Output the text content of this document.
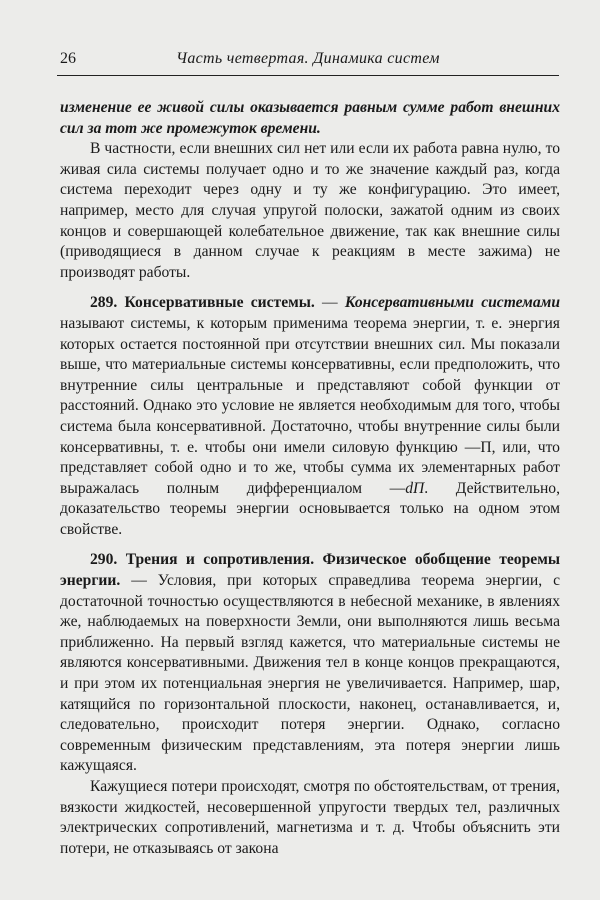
26	Часть четвертая. Динамика систем

изменение ее живой силы оказывается равным сумме работ внешних сил за тот же промежуток времени.

В частности, если внешних сил нет или если их работа равна нулю, то живая сила системы получает одно и то же значение каждый раз, когда система переходит через одну и ту же конфигурацию. Это имеет, например, место для случая упругой полоски, зажатой одним из своих концов и совершающей колебательное движение, так как внешние силы (приводящиеся в данном случае к реакциям в месте зажима) не производят работы.

289. Консервативные системы. — Консервативными системами называют системы, к которым применима теорема энергии, т. е. энергия которых остается постоянной при отсутствии внешних сил. Мы показали выше, что материальные системы консервативны, если предположить, что внутренние силы центральные и представляют собой функции от расстояний. Однако это условие не является необходимым для того, чтобы система была консервативной. Достаточно, чтобы внутренние силы были консервативны, т. е. чтобы они имели силовую функцию —П, или, что представляет собой одно и то же, чтобы сумма их элементарных работ выражалась полным дифференциалом —dП. Действительно, доказательство теоремы энергии основывается только на одном этом свойстве.

290. Трения и сопротивления. Физическое обобщение теоремы энергии. — Условия, при которых справедлива теорема энергии, с достаточной точностью осуществляются в небесной механике, в явлениях же, наблюдаемых на поверхности Земли, они выполняются лишь весьма приближенно. На первый взгляд кажется, что материальные системы не являются консервативными. Движения тел в конце концов прекращаются, и при этом их потенциальная энергия не увеличивается. Например, шар, катящийся по горизонтальной плоскости, наконец, останавливается, и, следовательно, происходит потеря энергии. Однако, согласно современным физическим представлениям, эта потеря энергии лишь кажущаяся.

Кажущиеся потери происходят, смотря по обстоятельствам, от трения, вязкости жидкостей, несовершенной упругости твердых тел, различных электрических сопротивлений, магнетизма и т. д. Чтобы объяснить эти потери, не отказываясь от закона
